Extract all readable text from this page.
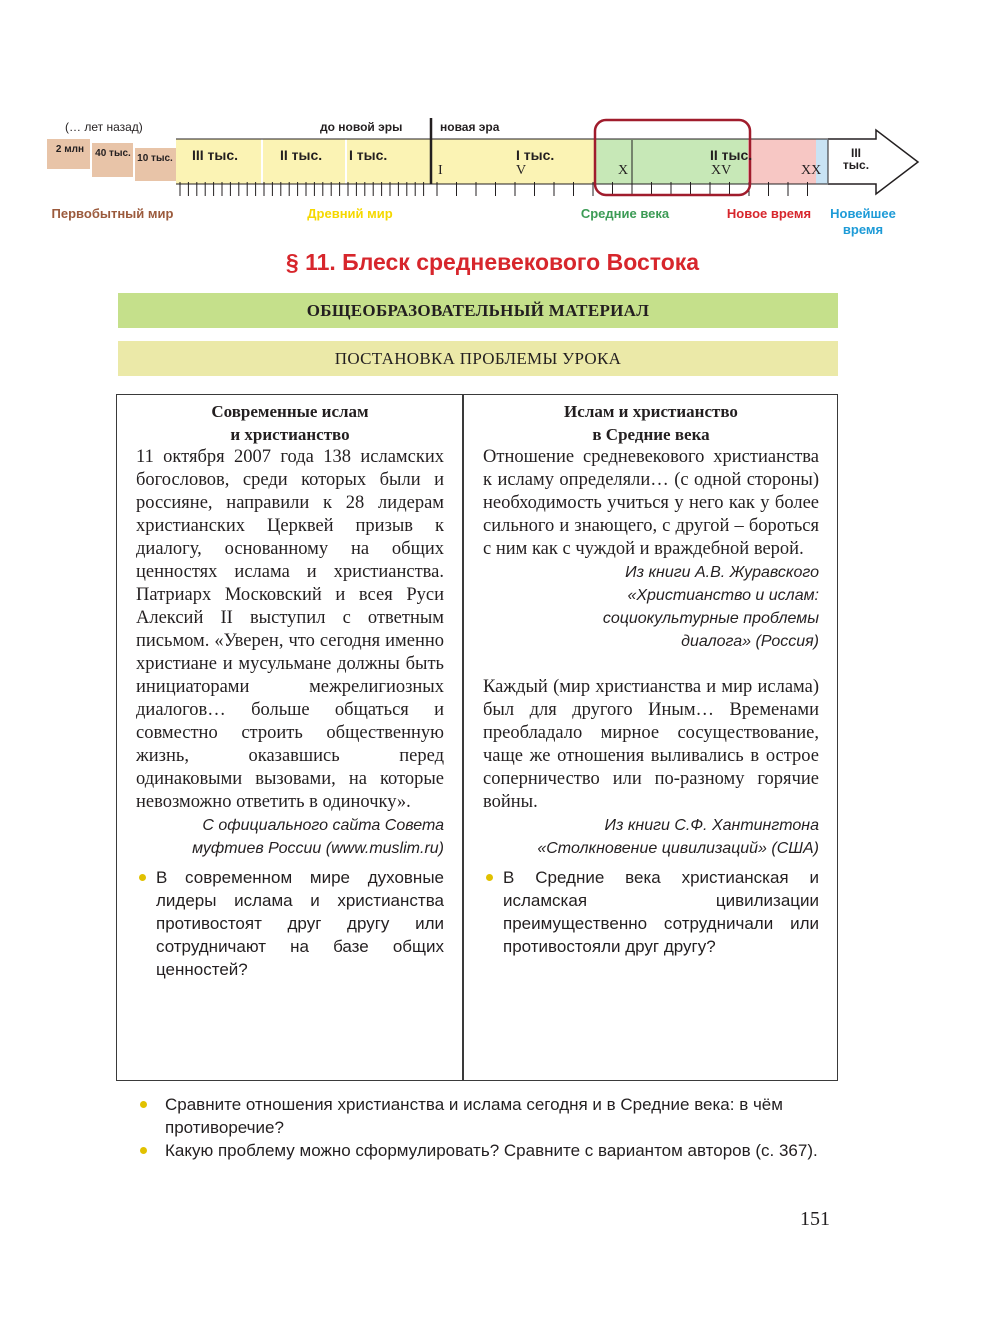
(… лет назад)	до новой эры	новая эра
2 млн	40 тыс. 10 тыс. III тыс.	II тыс. I тыс.	I тыс.	II тыс.	III тыс.
I	V	X	XV	XX
Первобытный мир	Древний мир	Средние века	Новое время	Новейшее время
§ 11. Блеск средневекового Востока
ОБЩЕОБРАЗОВАТЕЛЬНЫЙ МАТЕРИАЛ
ПОСТАНОВКА ПРОБЛЕМЫ УРОКА
Современные ислам
и христианство
11 октября 2007 года 138 исламских богословов, среди которых были и россияне, направили к 28 лидерам христианских Церквей призыв к диалогу, основанному на общих ценностях ислама и христианства. Патриарх Московский и всея Руси Алексий II выступил с ответным письмом. «Уверен, что сегодня именно христиане и мусульмане должны быть инициаторами межрелигиозных диалогов… больше общаться и совместно строить общественную жизнь, оказавшись перед одинаковыми вызовами, на которые невозможно ответить в одиночку».
С официального сайта Совета
муфтиев России (www.muslim.ru)
В современном мире духовные лидеры ислама и христианства противостоят друг другу или сотрудничают на базе общих ценностей?
Ислам и христианство
в Средние века
Отношение средневекового христианства к исламу определяли… (с одной стороны) необходимость учиться у него как у более сильного и знающего, с другой – бороться с ним как с чуждой и враждебной верой.
Из книги А.В. Журавского
«Христианство и ислам:
социокультурные проблемы
диалога» (Россия)
Каждый (мир христианства и мир ислама) был для другого Иным… Временами преобладало мирное сосуществование, чаще же отношения выливались в острое соперничество или по-разному горячие войны.
Из книги С.Ф. Хантингтона
«Столкновение цивилизаций» (США)
В Средние века христианская и исламская цивилизации преимущественно сотрудничали или противостояли друг другу?
Сравните отношения христианства и ислама сегодня и в Средние века: в чём противоречие?
Какую проблему можно сформулировать? Сравните с вариантом авторов (с. 367).
151
